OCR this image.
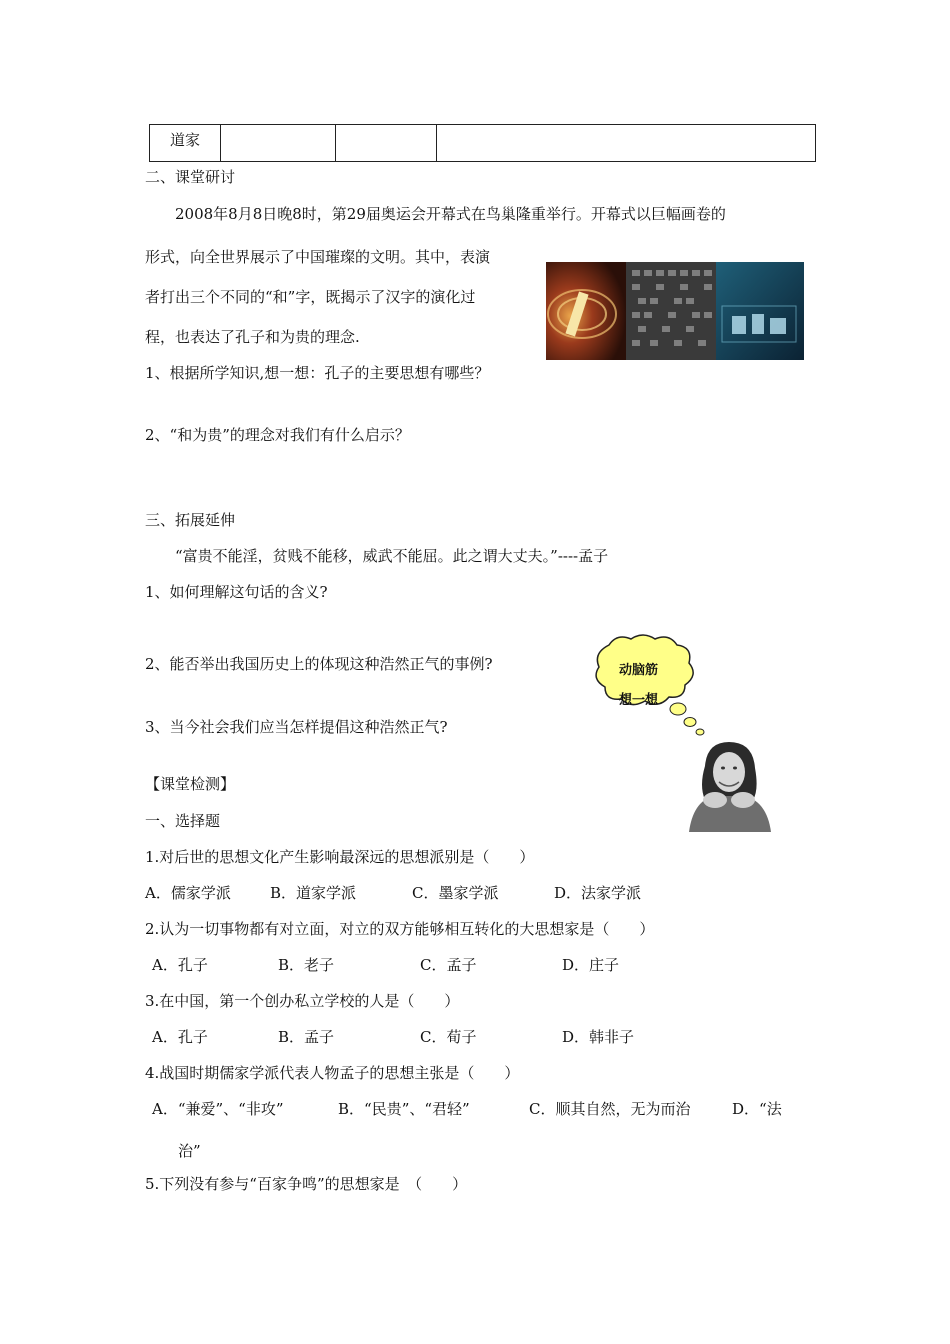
道家			
二、课堂研讨
2008年8月8日晚8时，第29届奥运会开幕式在鸟巢隆重举行。开幕式以巨幅画卷的
形式，向全世界展示了中国璀璨的文明。其中，表演
者打出三个不同的“和”字，既揭示了汉字的演化过
程，也表达了孔子和为贵的理念.
1、根据所学知识,想一想：孔子的主要思想有哪些？
2、“和为贵”的理念对我们有什么启示？
三、拓展延伸
“富贵不能淫，贫贱不能移，威武不能屈。此之谓大丈夫。”----孟子
1、如何理解这句话的含义?
2、能否举出我国历史上的体现这种浩然正气的事例?
3、当今社会我们应当怎样提倡这种浩然正气?
动脑筋
想一想
【课堂检测】
一、选择题
1.对后世的思想文化产生影响最深远的思想派别是（　　）
A．儒家学派	B．道家学派	C．墨家学派	D．法家学派
2.认为一切事物都有对立面，对立的双方能够相互转化的大思想家是（　　）
A．孔子	B．老子	C．孟子	D．庄子
3.在中国，第一个创办私立学校的人是（　　）
A．孔子	B．孟子	C．荀子	D．韩非子
4.战国时期儒家学派代表人物孟子的思想主张是（　　）
A．“兼爱”、“非攻”	B．“民贵”、“君轻”	C．顺其自然，无为而治	D．“法
治”
5.下列没有参与“百家争鸣”的思想家是　（　　）
